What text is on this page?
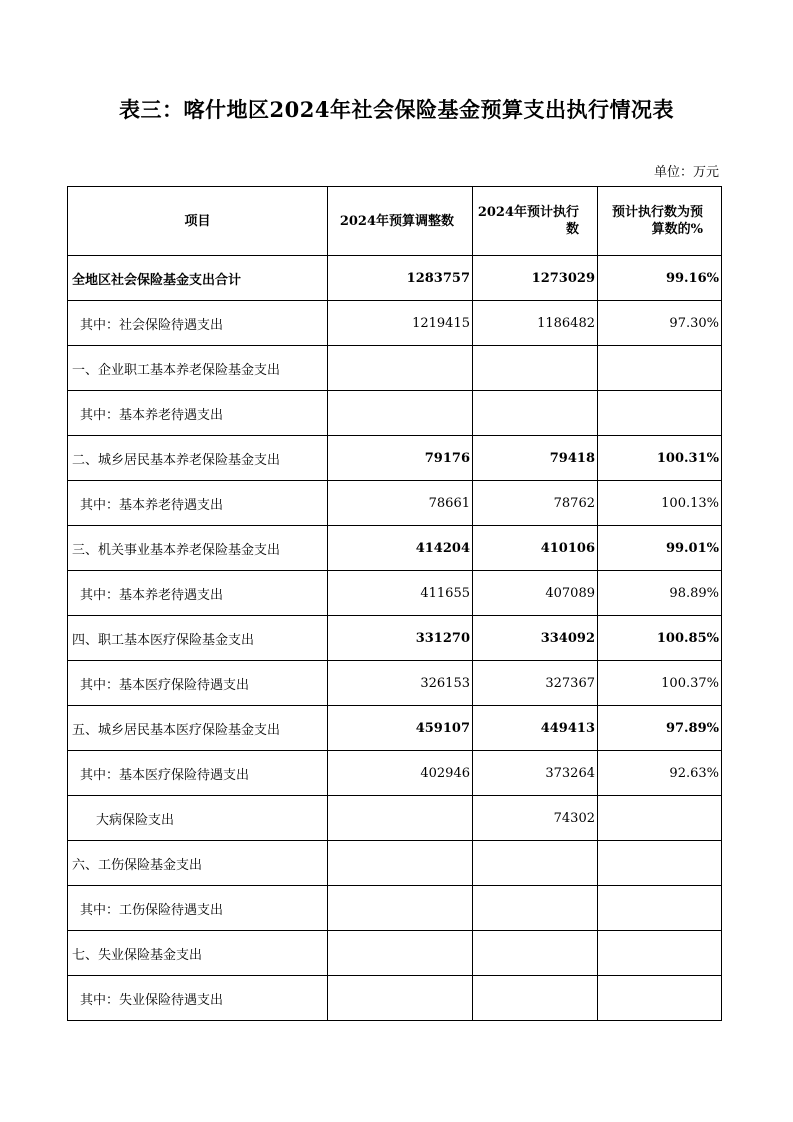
表三：喀什地区2024年社会保险基金预算支出执行情况表
单位：万元
项目	2024年预算调整数	2024年预计执行数	预计执行数为预算数的%
全地区社会保险基金支出合计	1283757	1273029	99.16%
其中：社会保险待遇支出	1219415	1186482	97.30%
一、企业职工基本养老保险基金支出			
其中：基本养老待遇支出			
二、城乡居民基本养老保险基金支出	79176	79418	100.31%
其中：基本养老待遇支出	78661	78762	100.13%
三、机关事业基本养老保险基金支出	414204	410106	99.01%
其中：基本养老待遇支出	411655	407089	98.89%
四、职工基本医疗保险基金支出	331270	334092	100.85%
其中：基本医疗保险待遇支出	326153	327367	100.37%
五、城乡居民基本医疗保险基金支出	459107	449413	97.89%
其中：基本医疗保险待遇支出	402946	373264	92.63%
大病保险支出		74302	
六、工伤保险基金支出			
其中：工伤保险待遇支出			
七、失业保险基金支出			
其中：失业保险待遇支出			
